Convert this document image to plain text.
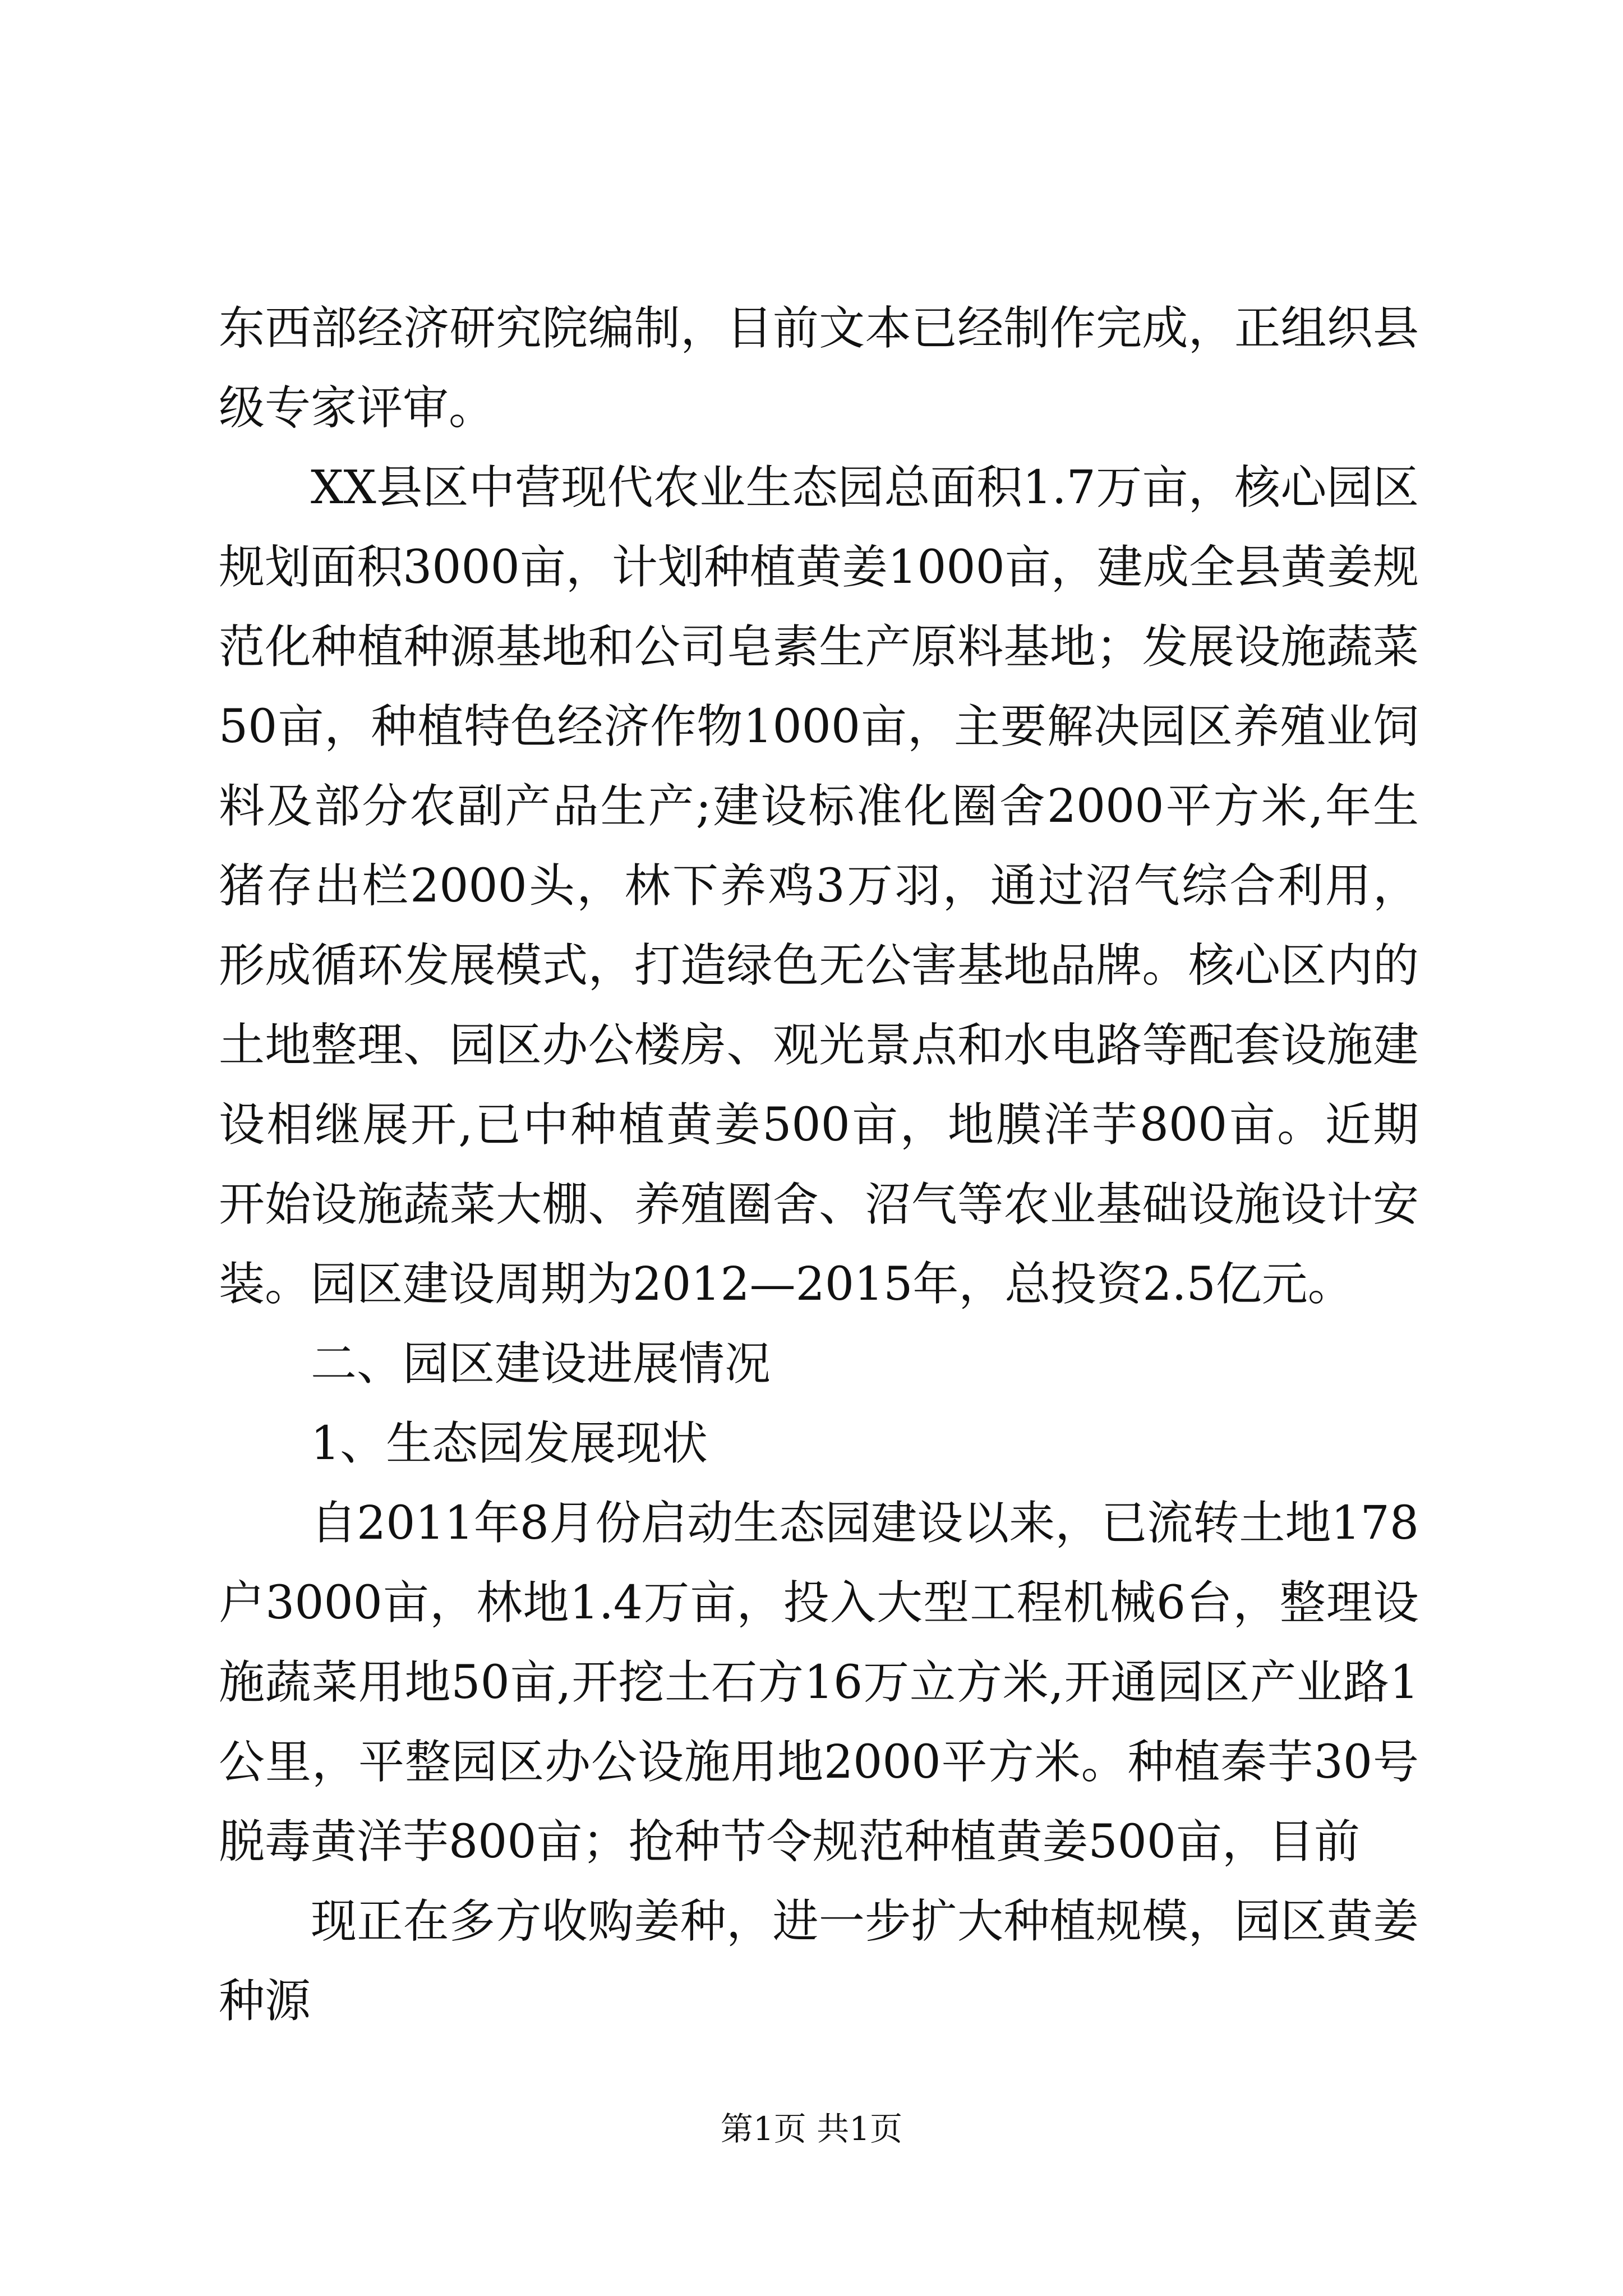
东西部经济研究院编制，目前文本已经制作完成，正组织县级专家评审。

XX县区中营现代农业生态园总面积1.7万亩，核心园区规划面积3000亩，计划种植黄姜1000亩，建成全县黄姜规范化种植种源基地和公司皂素生产原料基地；发展设施蔬菜50亩，种植特色经济作物1000亩，主要解决园区养殖业饲料及部分农副产品生产;建设标准化圈舍2000平方米,年生猪存出栏2000头，林下养鸡3万羽，通过沼气综合利用，形成循环发展模式，打造绿色无公害基地品牌。核心区内的土地整理、园区办公楼房、观光景点和水电路等配套设施建设相继展开,已中种植黄姜500亩，地膜洋芋800亩。近期开始设施蔬菜大棚、养殖圈舍、沼气等农业基础设施设计安装。园区建设周期为2012—2015年，总投资2.5亿元。

二、园区建设进展情况

1、生态园发展现状

自2011年8月份启动生态园建设以来，已流转土地178户3000亩，林地1.4万亩，投入大型工程机械6台，整理设施蔬菜用地50亩,开挖土石方16万立方米,开通园区产业路1公里，平整园区办公设施用地2000平方米。种植秦芋30号脱毒黄洋芋800亩；抢种节令规范种植黄姜500亩，目前

现正在多方收购姜种，进一步扩大种植规模，园区黄姜种源

第1页 共1页
